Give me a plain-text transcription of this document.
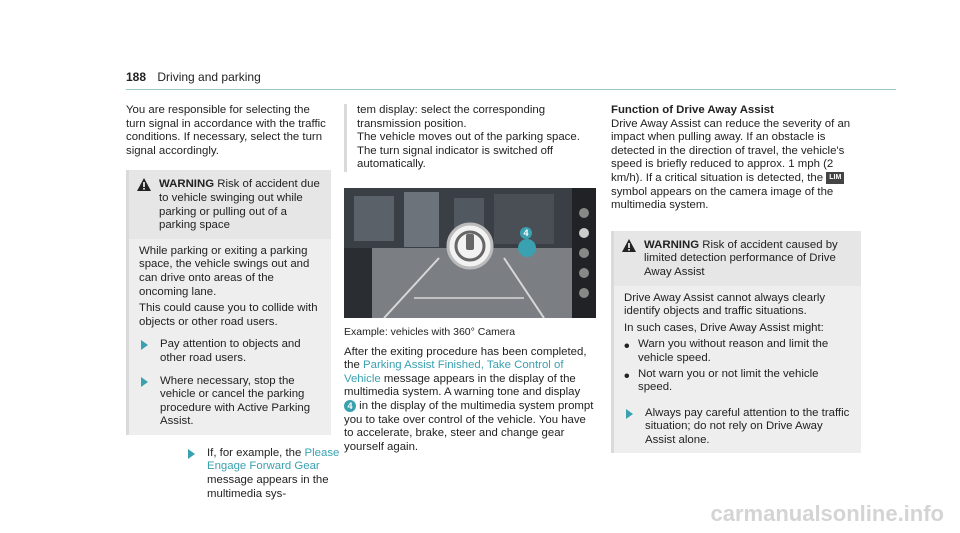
188 Driving and parking

You are responsible for selecting the turn signal in accordance with the traffic conditions. If necessary, select the turn signal accordingly.

WARNING Risk of accident due to vehicle swinging out while parking or pulling out of a parking space

While parking or exiting a parking space, the vehicle swings out and can drive onto areas of the oncoming lane.

This could cause you to collide with objects or other road users.

Pay attention to objects and other road users.

Where necessary, stop the vehicle or cancel the parking procedure with Active Parking Assist.

If, for example, the Please Engage Forward Gear message appears in the multimedia sys-

tem display: select the corresponding transmission position.

The vehicle moves out of the parking space. The turn signal indicator is switched off automatically.

4

Example: vehicles with 360° Camera

After the exiting procedure has been completed, the Parking Assist Finished, Take Control of Vehicle message appears in the display of the multimedia system. A warning tone and display 4 in the display of the multimedia system prompt you to take over control of the vehicle. You have to accelerate, brake, steer and change gear yourself again.

Function of Drive Away Assist

Drive Away Assist can reduce the severity of an impact when pulling away. If an obstacle is detected in the direction of travel, the vehicle's speed is briefly reduced to approx. 1 mph (2 km/h). If a critical situation is detected, the LIM symbol appears on the camera image of the multimedia system.

WARNING Risk of accident caused by limited detection performance of Drive Away Assist

Drive Away Assist cannot always clearly identify objects and traffic situations.

In such cases, Drive Away Assist might:

• Warn you without reason and limit the vehicle speed.

• Not warn you or not limit the vehicle speed.

Always pay careful attention to the traffic situation; do not rely on Drive Away Assist alone.

carmanualsonline.info
